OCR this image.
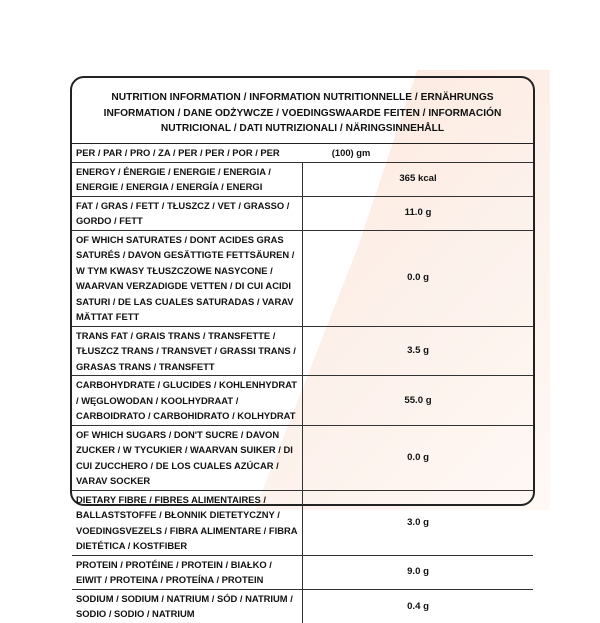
NUTRITION INFORMATION / INFORMATION NUTRITIONNELLE / ERNÄHRUNGS INFORMATION / DANE ODŻYWCZE / VOEDINGSWAARDE FEITEN / INFORMACIÓN NUTRICIONAL / DATI NUTRIZIONALI / NÄRINGSINNEHÅLL
PER / PAR / PRO / ZA / PER / PER / POR / PER (100) gm	
ENERGY / ÉNERGIE / ENERGIE / ENERGIA / ENERGIE / ENERGIA / ENERGÍA / ENERGI	365 kcal
FAT / GRAS / FETT / TŁUSZCZ / VET / GRASSO / GORDO / FETT	11.0 g
OF WHICH SATURATES / DONT ACIDES GRAS SATURÉS / DAVON GESÄTTIGTE FETTSÄUREN / W TYM KWASY TŁUSZCZOWE NASYCONE / WAARVAN VERZADIGDE VETTEN / DI CUI ACIDI SATURI / DE LAS CUALES SATURADAS / VARAV MÄTTAT FETT	0.0 g
TRANS FAT / GRAIS TRANS / TRANSFETTE / TŁUSZCZ TRANS / TRANSVET / GRASSI TRANS / GRASAS TRANS / TRANSFETT	3.5 g
CARBOHYDRATE / GLUCIDES / KOHLENHYDRAT / WĘGLOWODAN / KOOLHYDRAAT / CARBOIDRATO / CARBOHIDRATO / KOLHYDRAT	55.0 g
OF WHICH SUGARS / DON'T SUCRE / DAVON ZUCKER / W TYCUKIER / WAARVAN SUIKER / DI CUI ZUCCHERO / DE LOS CUALES AZÚCAR / VARAV SOCKER	0.0 g
DIETARY FIBRE / FIBRES ALIMENTAIRES / BALLASTSTOFFE / BŁONNIK DIETETYCZNY / VOEDINGSVEZELS / FIBRA ALIMENTARE / FIBRA DIETÉTICA / KOSTFIBER	3.0 g
PROTEIN / PROTÉINE / PROTEIN / BIAŁKO / EIWIT / PROTEINA / PROTEÍNA / PROTEIN	9.0 g
SODIUM / SODIUM / NATRIUM / SÓD / NATRIUM / SODIO / SODIO / NATRIUM	0.4 g
